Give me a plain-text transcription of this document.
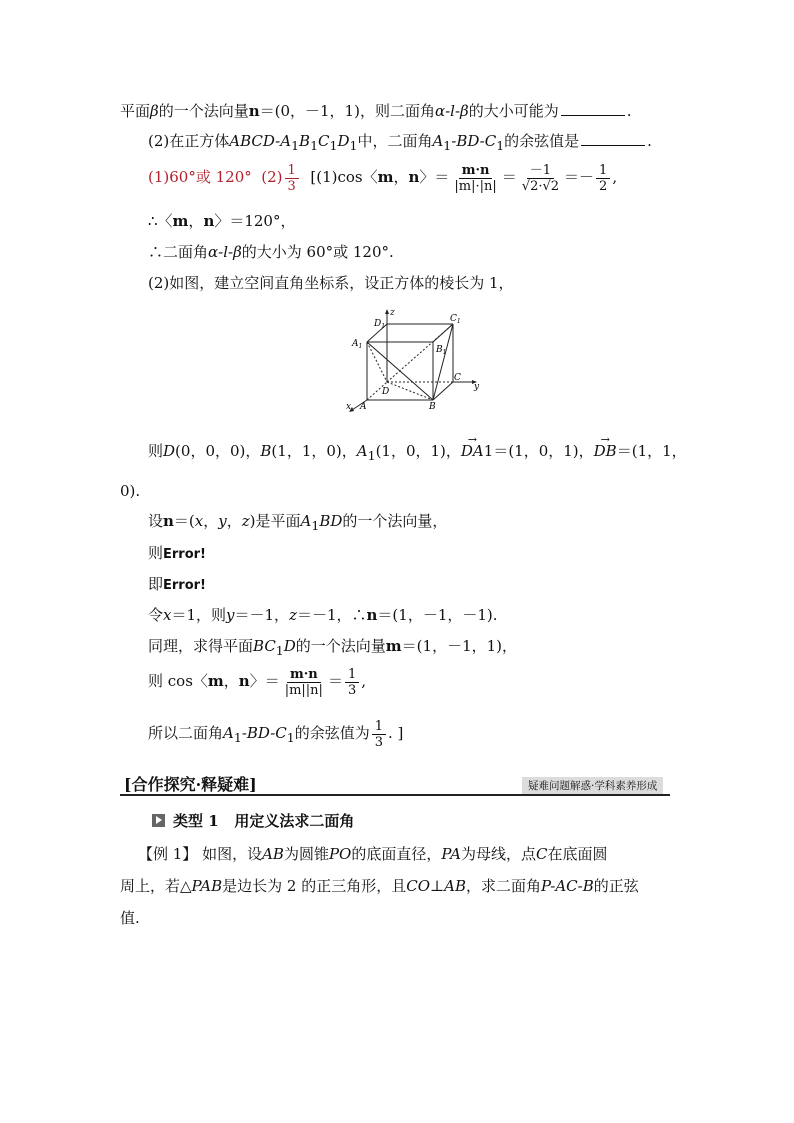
平面β的一个法向量n＝(0，－1，1)，则二面角α-l-β的大小可能为	.
(2)在正方体ABCD-$A_1B_1C_1D_1$中，二面角$A_1-BD-C_1$的余弦值是	.
(1)60°或 120° $(2) \frac{1}{3} [(1)\cos$〈m，n〉＝ $\frac{m\cdot n}{|m|\cdot|n|} = \frac{-1}{√2\cdot√2} =- \frac{1}{2}$ ,
∴〈m，n〉＝120°，
∴二面角α-l-β的大小为 60°或 120°.
(2)如图，建立空间直角坐标系，设正方体的棱长为 1，
$D_1$
$C_1$
$A_1$	$B_1$
D
C
A	B
z
y
x
则D(0，0，0)，B(1，1，0)，$A_1(1$，0，1)，→ DA1＝(1，0，1)，→ DB＝(1，1，
0).
设n＝(x，y，z)是平面$A_1BD$的一个法向量，
则Error!
即Error!
令x＝1，则y＝－1，z＝－1，∴n＝(1，－1，－1).
同理，求得平面$BC_1D$的一个法向量m＝(1，－1，1)，
则 cos〈m，n〉＝ $\frac{m\cdot n}{|m||n|} = \frac{1}{3}$ ,
所以二面角$A_1-BD-C_1$的余弦值为 $\frac{1}{3}$ . ]
[合作探究·释疑难]	疑难问题解惑·学科素养形成
类型 1 用定义法求二面角
【例 1】 如图，设AB为圆锥PO的底面直径，PA为母线，点C在底面圆
周上，若△PAB是边长为 2 的正三角形，且CO⊥AB，求二面角P-AC-B的正弦
值.
